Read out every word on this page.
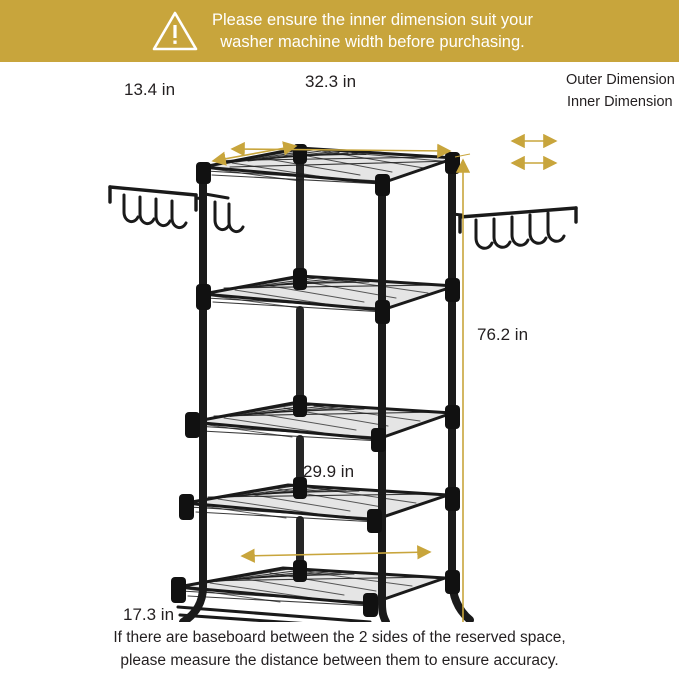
Please ensure the inner dimension suit your
washer machine width before purchasing.
13.4 in	32.3 in
76.2 in
29.9 in
17.3 in
Outer Dimension
Inner Dimension
If there are baseboard between the 2 sides of the reserved space,
please measure the distance between them to ensure accuracy.
